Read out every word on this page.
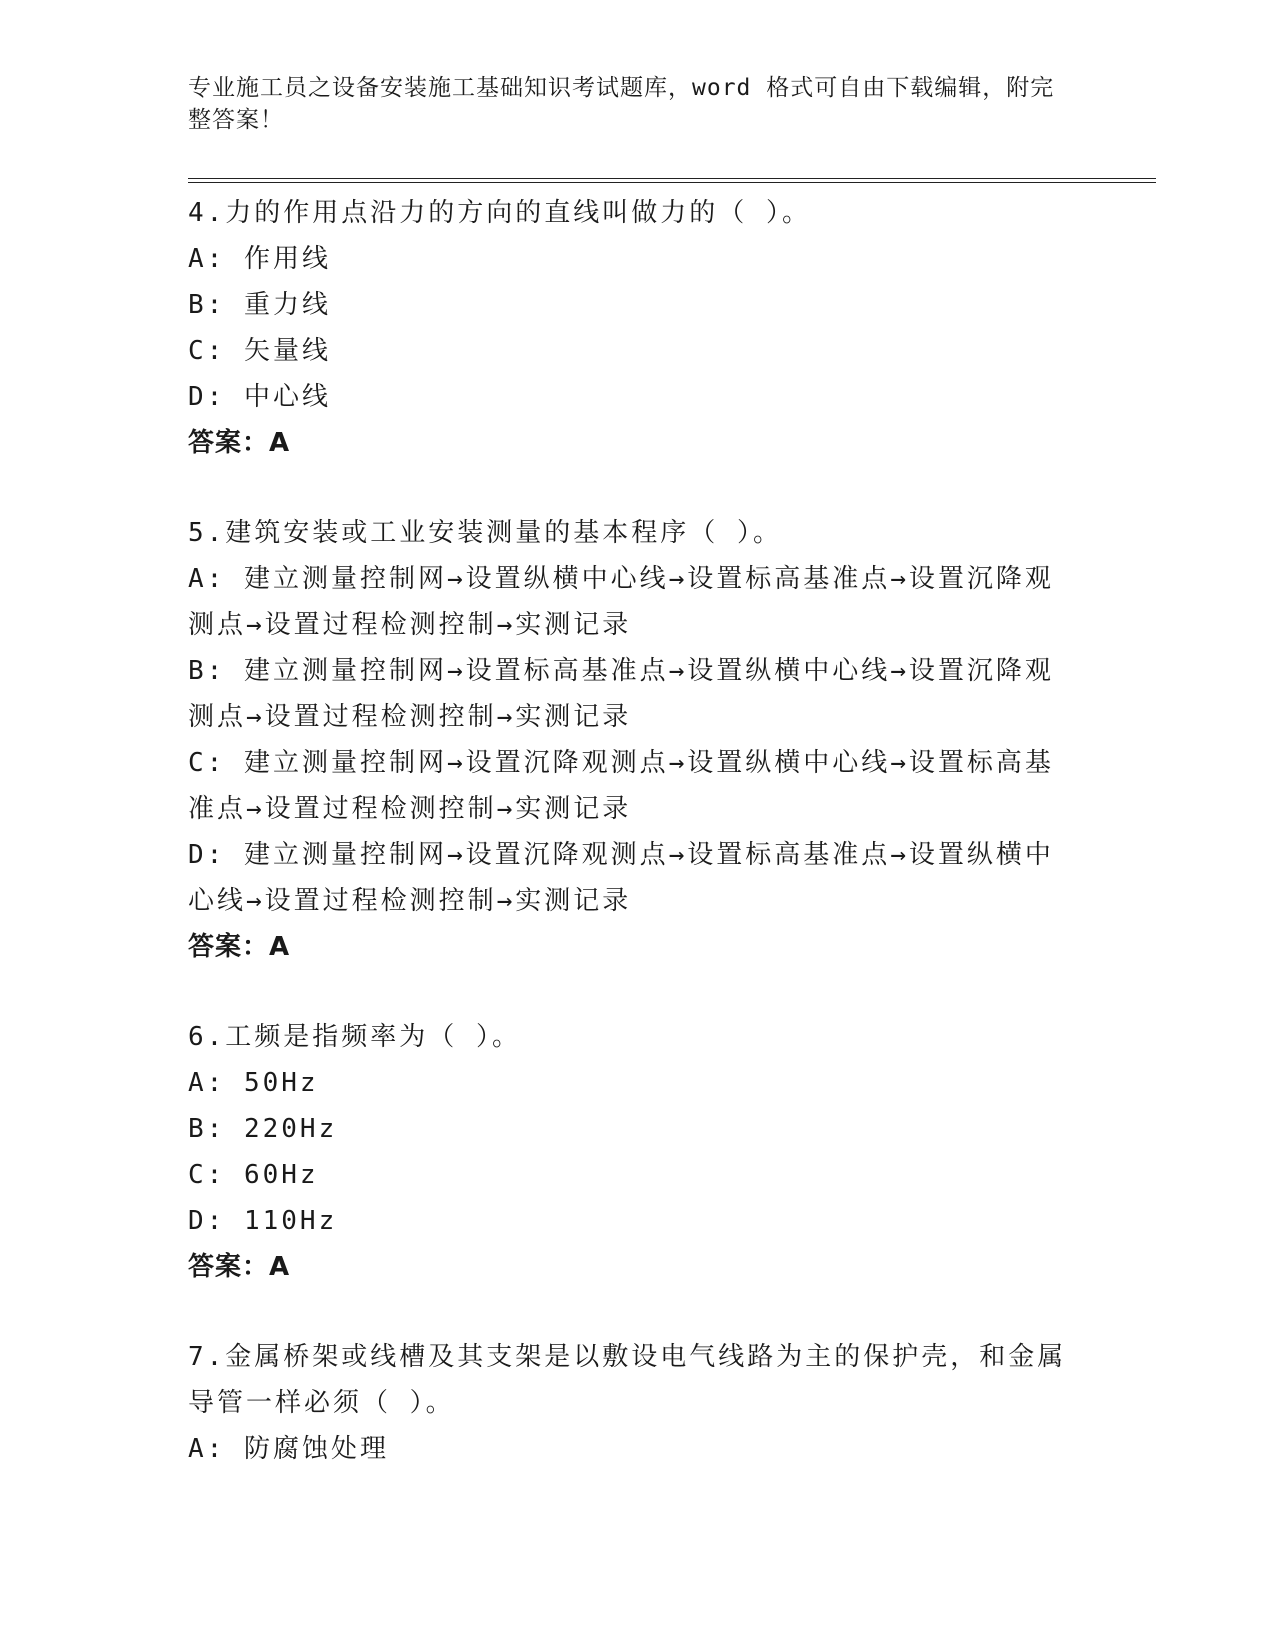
专业施工员之设备安装施工基础知识考试题库，word 格式可自由下载编辑，附完整答案！
4.力的作用点沿力的方向的直线叫做力的（ ）。
A: 作用线
B: 重力线
C: 矢量线
D: 中心线
答案：A
5.建筑安装或工业安装测量的基本程序（ ）。
A: 建立测量控制网→设置纵横中心线→设置标高基准点→设置沉降观测点→设置过程检测控制→实测记录
B: 建立测量控制网→设置标高基准点→设置纵横中心线→设置沉降观测点→设置过程检测控制→实测记录
C: 建立测量控制网→设置沉降观测点→设置纵横中心线→设置标高基准点→设置过程检测控制→实测记录
D: 建立测量控制网→设置沉降观测点→设置标高基准点→设置纵横中心线→设置过程检测控制→实测记录
答案：A
6.工频是指频率为（ ）。
A: 50Hz
B: 220Hz
C: 60Hz
D: 110Hz
答案：A
7.金属桥架或线槽及其支架是以敷设电气线路为主的保护壳，和金属导管一样必须（ ）。
A: 防腐蚀处理
